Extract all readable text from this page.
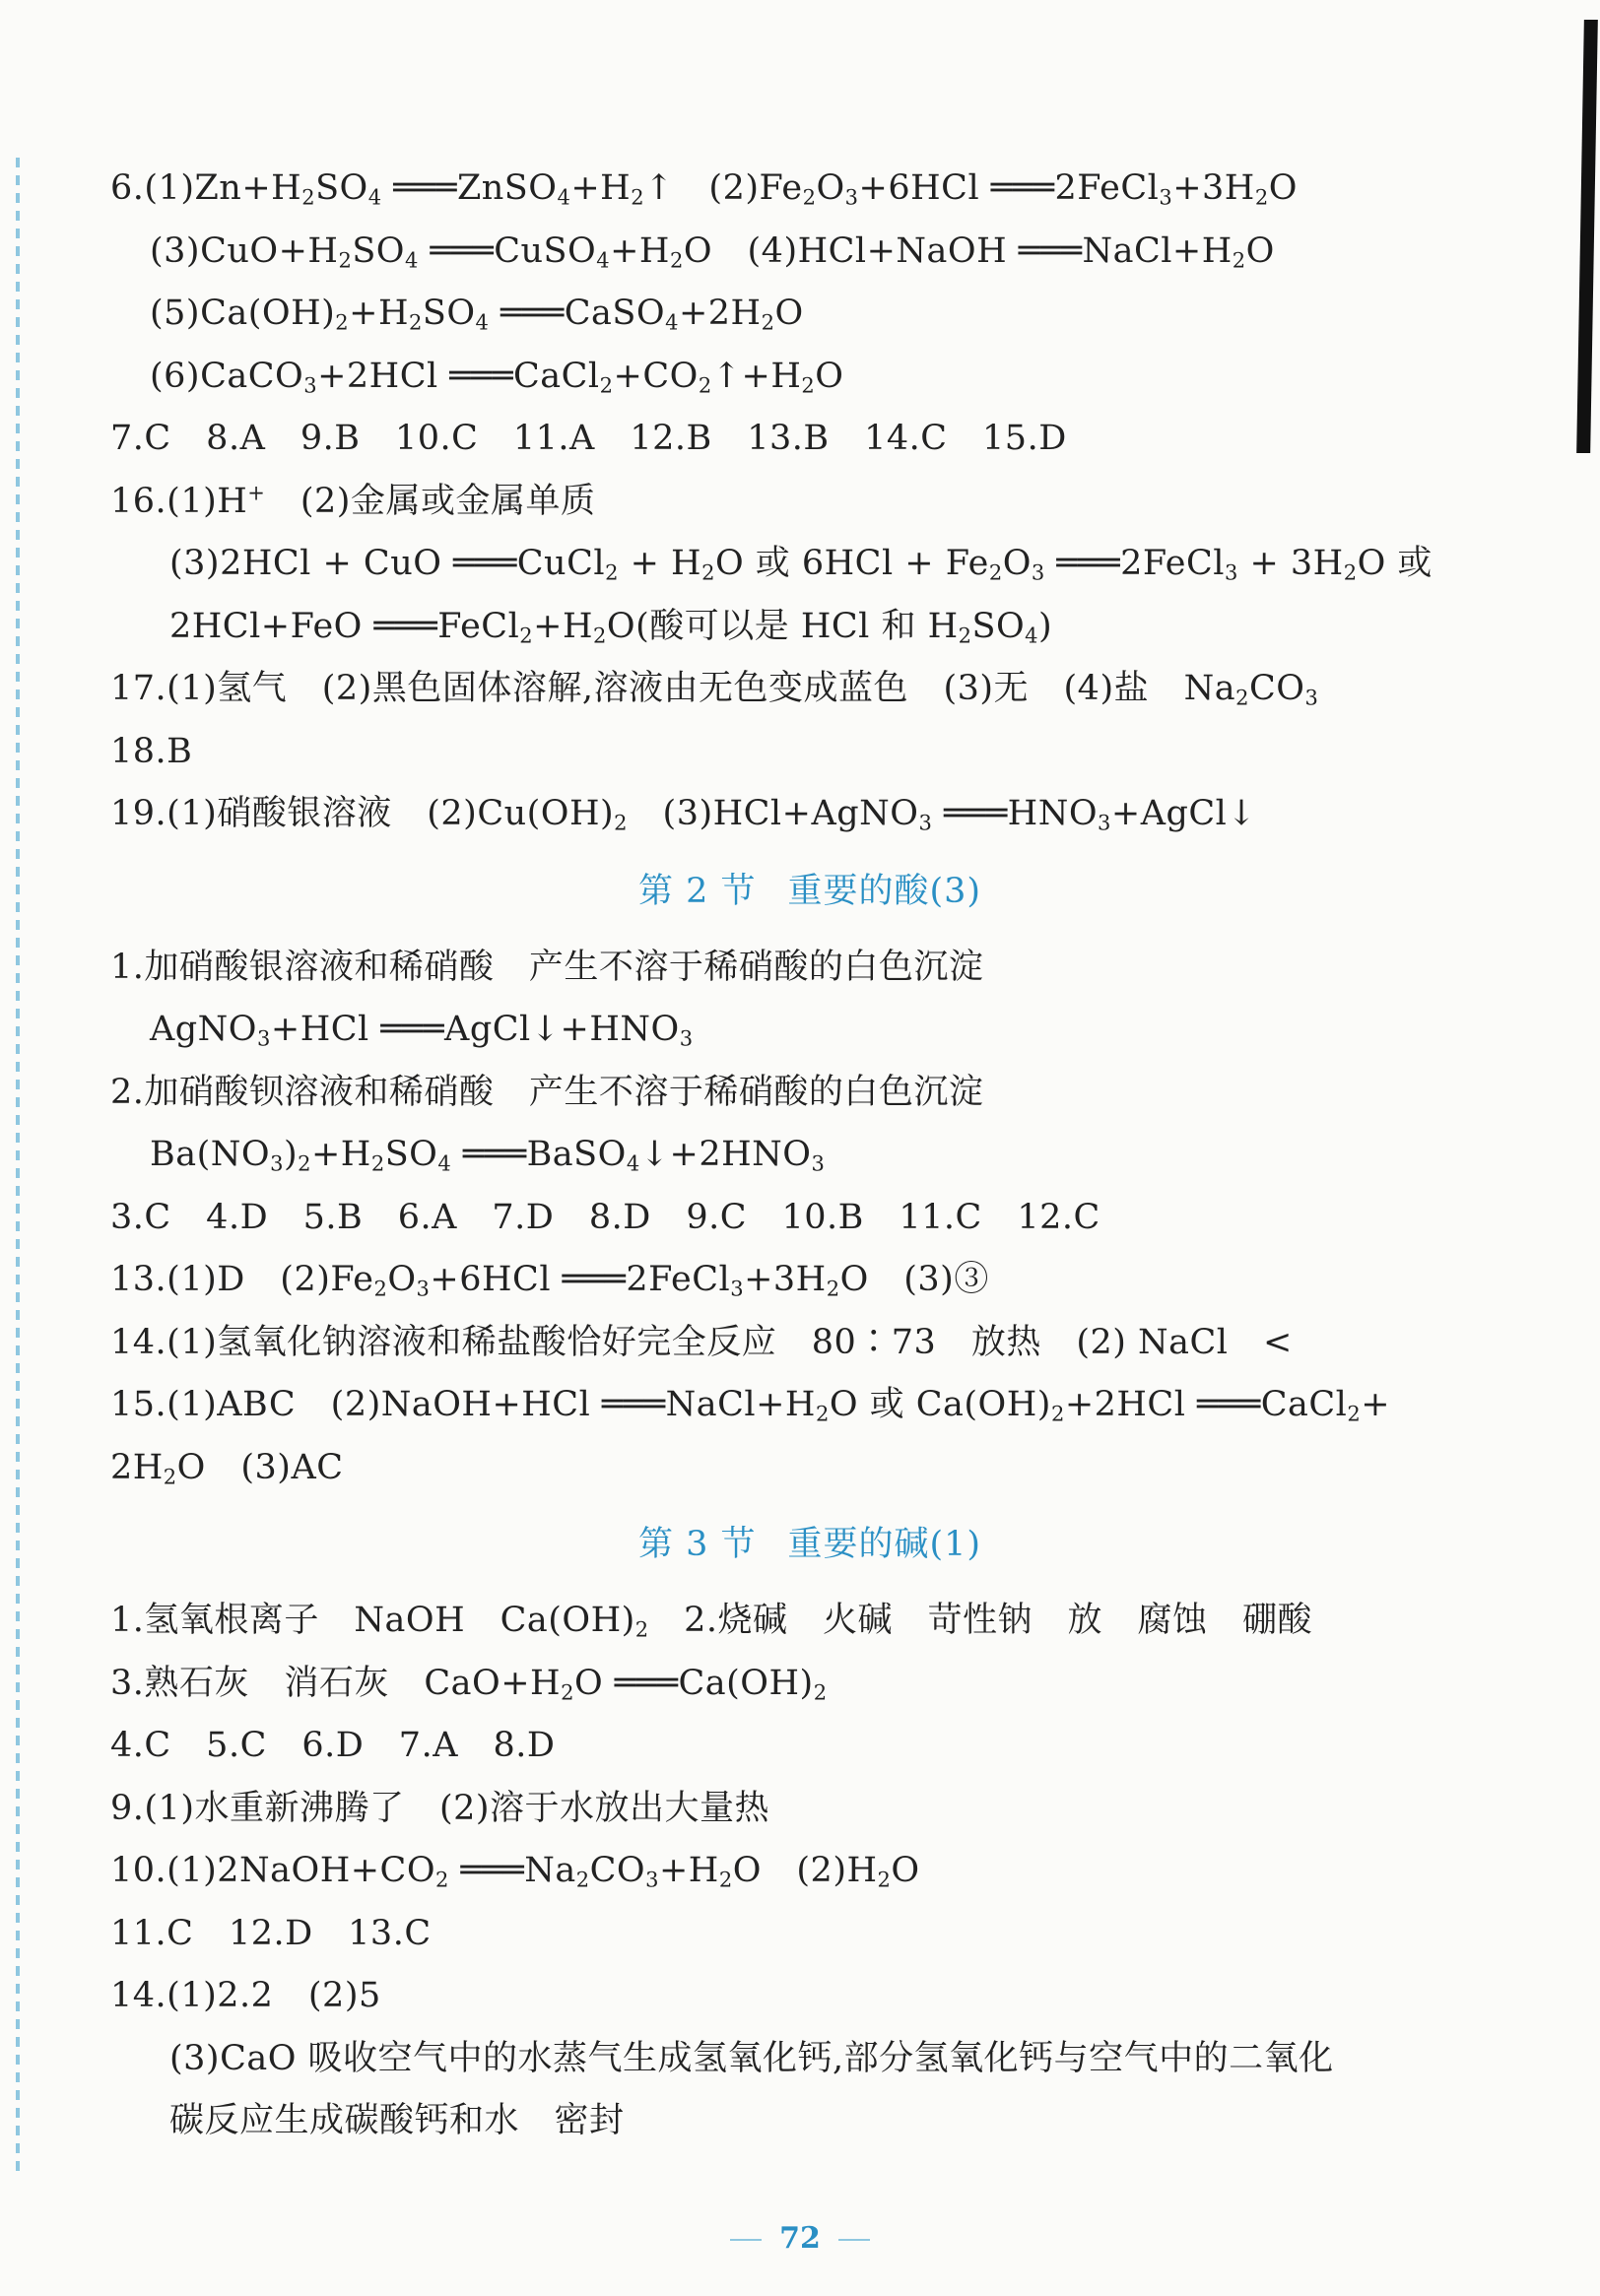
$6.(1)Zn+H_2SO_4$ $═══ZnSO_4+H_2↑$　$(2)Fe_2O_3+6HCl$ $═══2FeCl_3+3H_2O$
$(3)CuO+H_2SO_4$ $═══CuSO_4+H_2O$　(4)HCl+NaOH $═══NaCl+H_2O$
$(5)Ca(OH)_2+H_2SO_4$ $═══CaSO_4+2H_2O$
(6)CaCO$_3$+2HCl $═══CaCl_2+CO_2↑+H_2O$
7.C　8.A　9.B　10.C　11.A　12.B　13.B　14.C　15.D
16.(1)H+　(2)金属或金属单质
(3)2HCl + CuO ═══CuCl$_2$ + $H_2O$ 或 $6HCl + Fe_2O_3$ ═══2FeCl$_3$ + $3H_2O$ 或
2HCl+FeO $═══FeCl_2+H_2O$(酸可以是 HCl 和 $H_2SO_4$)
17.(1)氢气　(2)黑色固体溶解,溶液由无色变成蓝色　(3)无　(4)盐　$Na_2CO_3$
18.B
19.(1)硝酸银溶液　$(2)Cu(OH)_2$　(3)HCl+AgNO$_3$ $═══HNO_3+AgCl↓$
第 2 节 重要的酸(3)
1.加硝酸银溶液和稀硝酸　产生不溶于稀硝酸的白色沉淀
AgNO$_3$+HCl $═══AgCl↓+HNO_3$
2.加硝酸钡溶液和稀硝酸　产生不溶于稀硝酸的白色沉淀
$Ba(NO_3)_2+H_2SO_4$ $═══BaSO_4↓+2HNO_3$
3.C　4.D　5.B　6.A　7.D　8.D　9.C　10.B　11.C　12.C
13.(1)D　$(2)Fe_2O_3+6HCl$ $═══2FeCl_3+3H_2O$　(3)③
14.(1)氢氧化钠溶液和稀盐酸恰好完全反应　80∶73　放热　(2) NaCl　<
15.(1)ABC　(2)NaOH+HCl $═══NaCl+H_2O$ 或 $Ca(OH)_2+2HCl$ ═══CaCl$_2$+
$2H_2O$　(3)AC
第 3 节 重要的碱(1)
1.氢氧根离子　NaOH　$Ca(OH)_2$　2.烧碱　火碱　苛性钠　放　腐蚀　硼酸
3.熟石灰　消石灰　$CaO+H_2O$ $═══Ca(OH)_2$
4.C　5.C　6.D　7.A　8.D
9.(1)水重新沸腾了　(2)溶于水放出大量热
$10.(1)2NaOH+CO_2$ $═══Na_2CO_3+H_2O$　$(2)H_2O$
11.C　12.D　13.C
14.(1)2.2　(2)5
(3)CaO 吸收空气中的水蒸气生成氢氧化钙,部分氢氧化钙与空气中的二氧化
碳反应生成碳酸钙和水　密封
72
